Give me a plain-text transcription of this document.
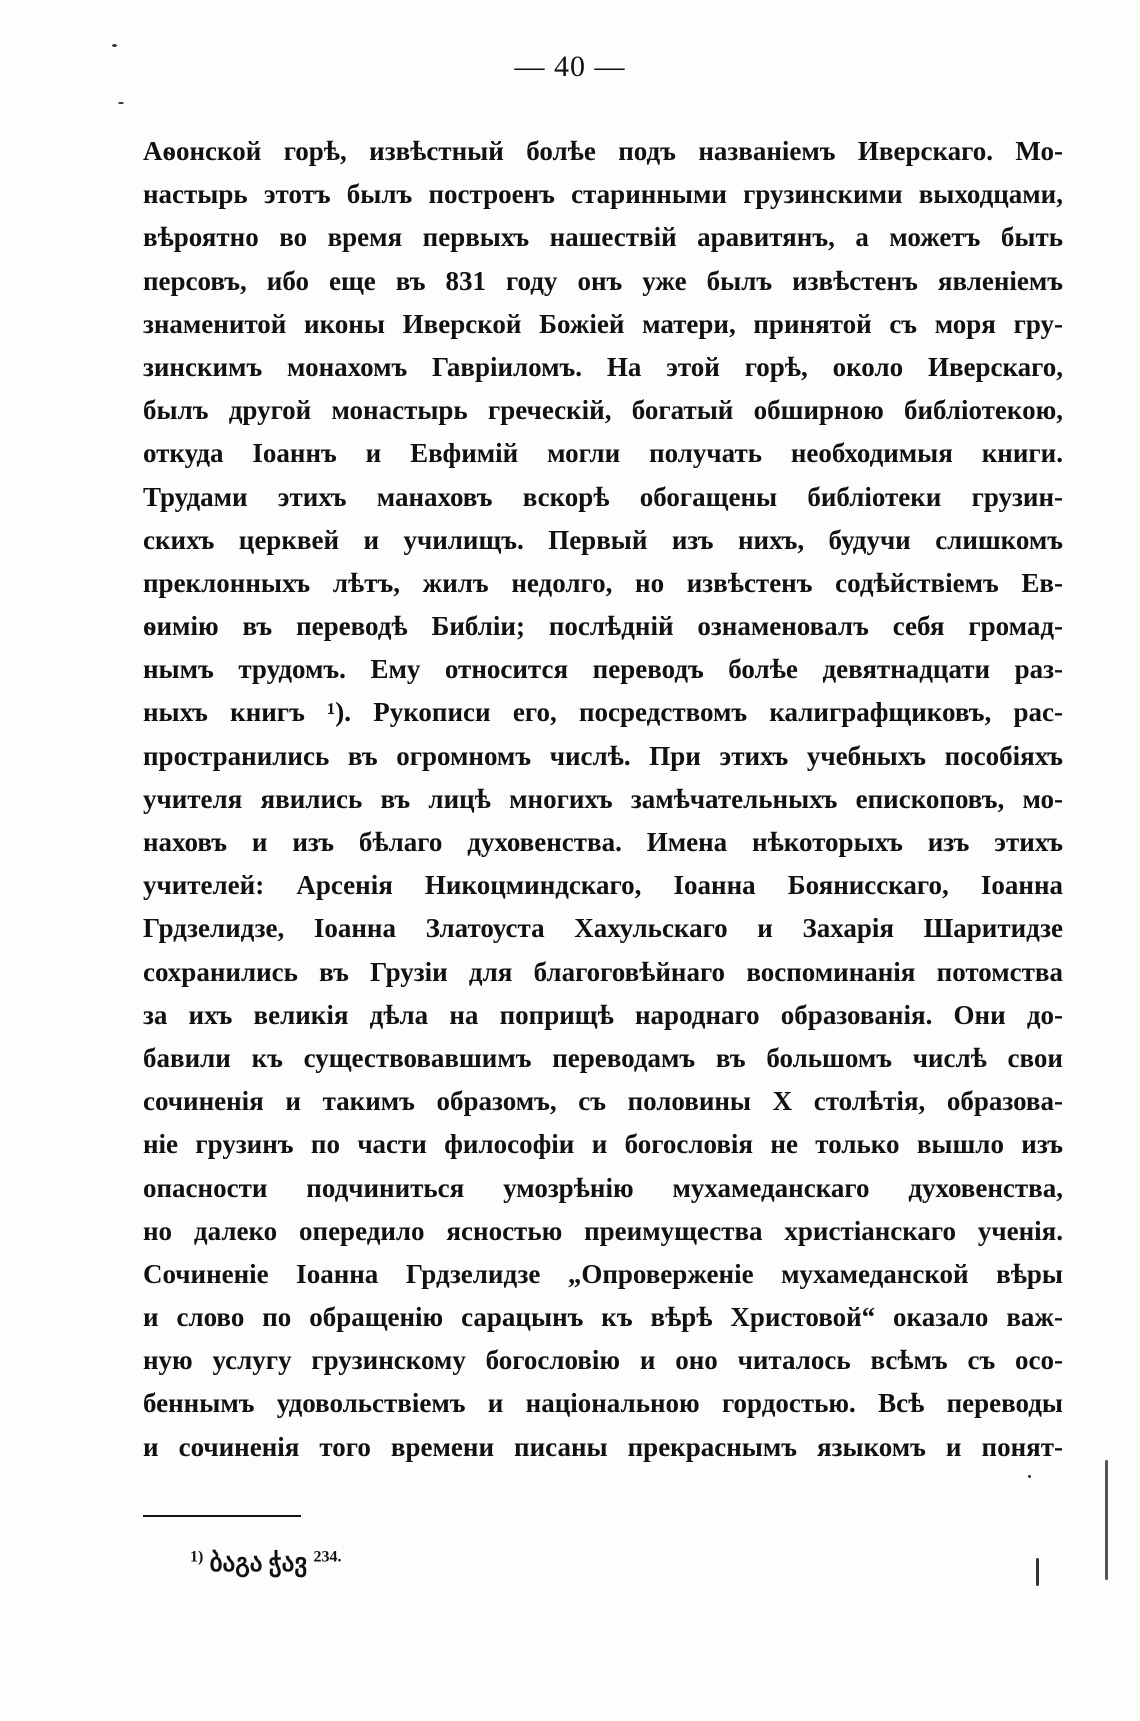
— 40 —
Аѳонской горѣ, извѣстный болѣе подъ названіемъ Иверскаго. Мо-
настырь этотъ былъ построенъ старинными грузинскими выходцами,
вѣроятно во время первыхъ нашествій аравитянъ, а можетъ быть
персовъ, ибо еще въ 831 году онъ уже былъ извѣстенъ явленіемъ
знаменитой иконы Иверской Божіей матери, принятой съ моря гру-
зинскимъ монахомъ Гавріиломъ. На этой горѣ, около Иверскаго,
былъ другой монастырь греческій, богатый обширною библіотекою,
откуда Іоаннъ и Евфимій могли получать необходимыя книги.
Трудами этихъ манаховъ вскорѣ обогащены библіотеки грузин-
скихъ церквей и училищъ. Первый изъ нихъ, будучи слишкомъ
преклонныхъ лѣтъ, жилъ недолго, но извѣстенъ содѣйствіемъ Ев-
ѳимію въ переводѣ Библіи; послѣдній ознаменовалъ себя громад-
нымъ трудомъ. Ему относится переводъ болѣе девятнадцати раз-
ныхъ книгъ ¹). Рукописи его, посредствомъ калиграфщиковъ, рас-
пространились въ огромномъ числѣ. При этихъ учебныхъ пособіяхъ
учителя явились въ лицѣ многихъ замѣчательныхъ епископовъ, мо-
наховъ и изъ бѣлаго духовенства. Имена нѣкоторыхъ изъ этихъ
учителей: Арсенія Никоцминдскаго, Іоанна Боянисскаго, Іоанна
Грдзелидзе, Іоанна Златоуста Хахульскаго и Захарія Шаритидзе
сохранились въ Грузіи для благоговѣйнаго воспоминанія потомства
за ихъ великія дѣла на поприщѣ народнаго образованія. Они до-
бавили къ существовавшимъ переводамъ въ большомъ числѣ свои
сочиненія и такимъ образомъ, съ половины X столѣтія, образова-
ніе грузинъ по части философіи и богословія не только вышло изъ
опасности подчиниться умозрѣнію мухамеданскаго духовенства,
но далеко опередило ясностью преимущества христіанскаго ученія.
Сочиненіе Іоанна Грдзелидзе „Опроверженіе мухамеданской вѣры
и слово по обращенію сарацынъ къ вѣрѣ Христовой“ оказало важ-
ную услугу грузинскому богословію и оно читалось всѣмъ съ осо-
беннымъ удовольствіемъ и національною гордостью. Всѣ переводы
и сочиненія того времени писаны прекраснымъ языкомъ и понят-
$^{1)}$ ბაგა ჭავ $^{234.}$
